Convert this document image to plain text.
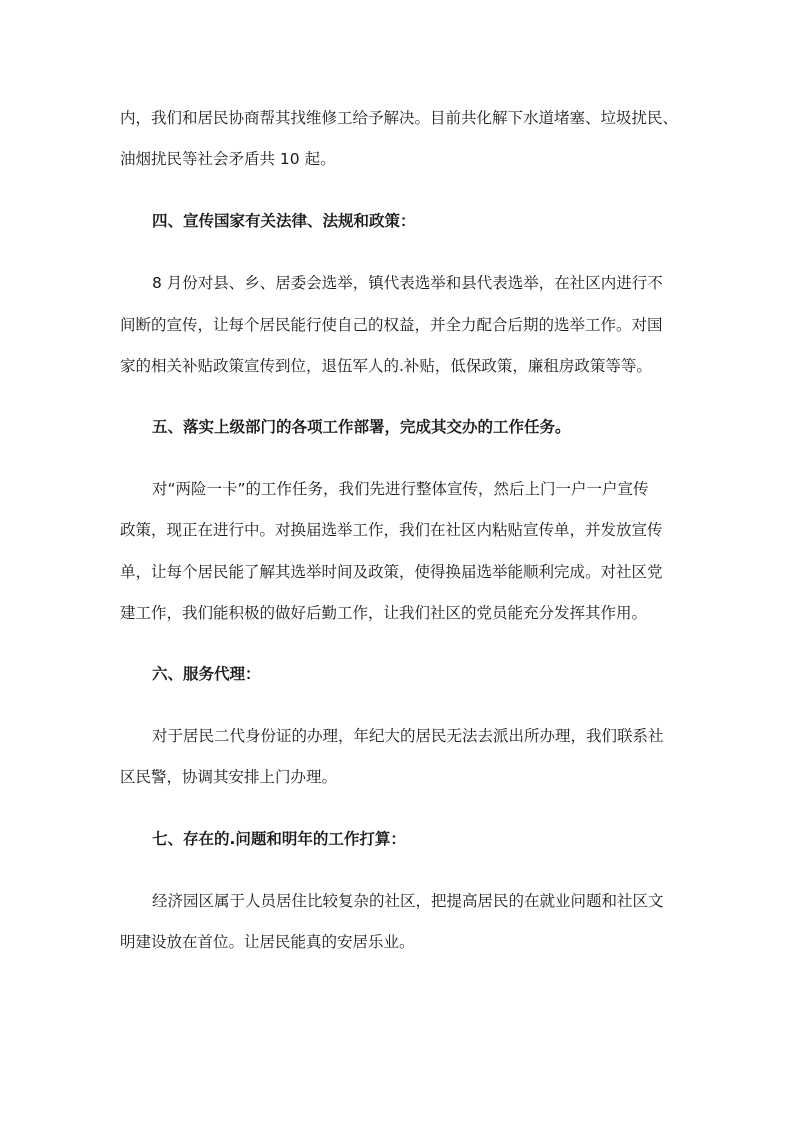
内，我们和居民协商帮其找维修工给予解决。目前共化解下水道堵塞、垃圾扰民、
油烟扰民等社会矛盾共 10 起。
四、宣传国家有关法律、法规和政策：
8 月份对县、乡、居委会选举，镇代表选举和县代表选举，在社区内进行不
间断的宣传，让每个居民能行使自己的权益，并全力配合后期的选举工作。对国
家的相关补贴政策宣传到位，退伍军人的.补贴，低保政策，廉租房政策等等。
五、落实上级部门的各项工作部署，完成其交办的工作任务。
对“两险一卡”的工作任务，我们先进行整体宣传，然后上门一户一户宣传
政策，现正在进行中。对换届选举工作，我们在社区内粘贴宣传单，并发放宣传
单，让每个居民能了解其选举时间及政策，使得换届选举能顺利完成。对社区党
建工作，我们能积极的做好后勤工作，让我们社区的党员能充分发挥其作用。
六、服务代理：
对于居民二代身份证的办理，年纪大的居民无法去派出所办理，我们联系社
区民警，协调其安排上门办理。
七、存在的.问题和明年的工作打算：
经济园区属于人员居住比较复杂的社区，把提高居民的在就业问题和社区文
明建设放在首位。让居民能真的安居乐业。
